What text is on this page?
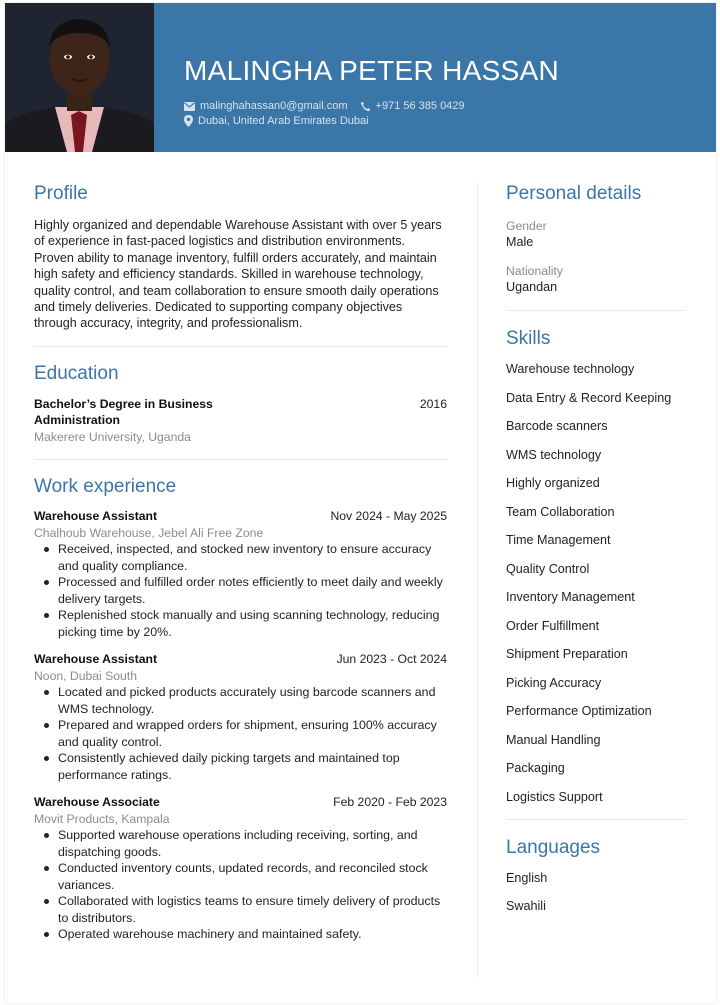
MALINGHA PETER HASSAN
malinghahassan0@gmail.com	+971 56 385 0429
Dubai, United Arab Emirates Dubai
Profile
Highly organized and dependable Warehouse Assistant with over 5 years of experience in fast-paced logistics and distribution environments. Proven ability to manage inventory, fulfill orders accurately, and maintain high safety and efficiency standards. Skilled in warehouse technology, quality control, and team collaboration to ensure smooth daily operations and timely deliveries. Dedicated to supporting company objectives through accuracy, integrity, and professionalism.
Education
Bachelor’s Degree in Business Administration
2016
Makerere University, Uganda
Work experience
Warehouse Assistant	Nov 2024 - May 2025
Chalhoub Warehouse, Jebel Ali Free Zone
Received, inspected, and stocked new inventory to ensure accuracy and quality compliance.
Processed and fulfilled order notes efficiently to meet daily and weekly delivery targets.
Replenished stock manually and using scanning technology, reducing picking time by 20%.
Warehouse Assistant	Jun 2023 - Oct 2024
Noon, Dubai South
Located and picked products accurately using barcode scanners and WMS technology.
Prepared and wrapped orders for shipment, ensuring 100% accuracy and quality control.
Consistently achieved daily picking targets and maintained top performance ratings.
Warehouse Associate	Feb 2020 - Feb 2023
Movit Products, Kampala
Supported warehouse operations including receiving, sorting, and dispatching goods.
Conducted inventory counts, updated records, and reconciled stock variances.
Collaborated with logistics teams to ensure timely delivery of products to distributors.
Operated warehouse machinery and maintained safety.
Personal details
Gender
Male
Nationality
Ugandan
Skills
Warehouse technology
Data Entry & Record Keeping
Barcode scanners
WMS technology
Highly organized
Team Collaboration
Time Management
Quality Control
Inventory Management
Order Fulfillment
Shipment Preparation
Picking Accuracy
Performance Optimization
Manual Handling
Packaging
Logistics Support
Languages
English
Swahili
